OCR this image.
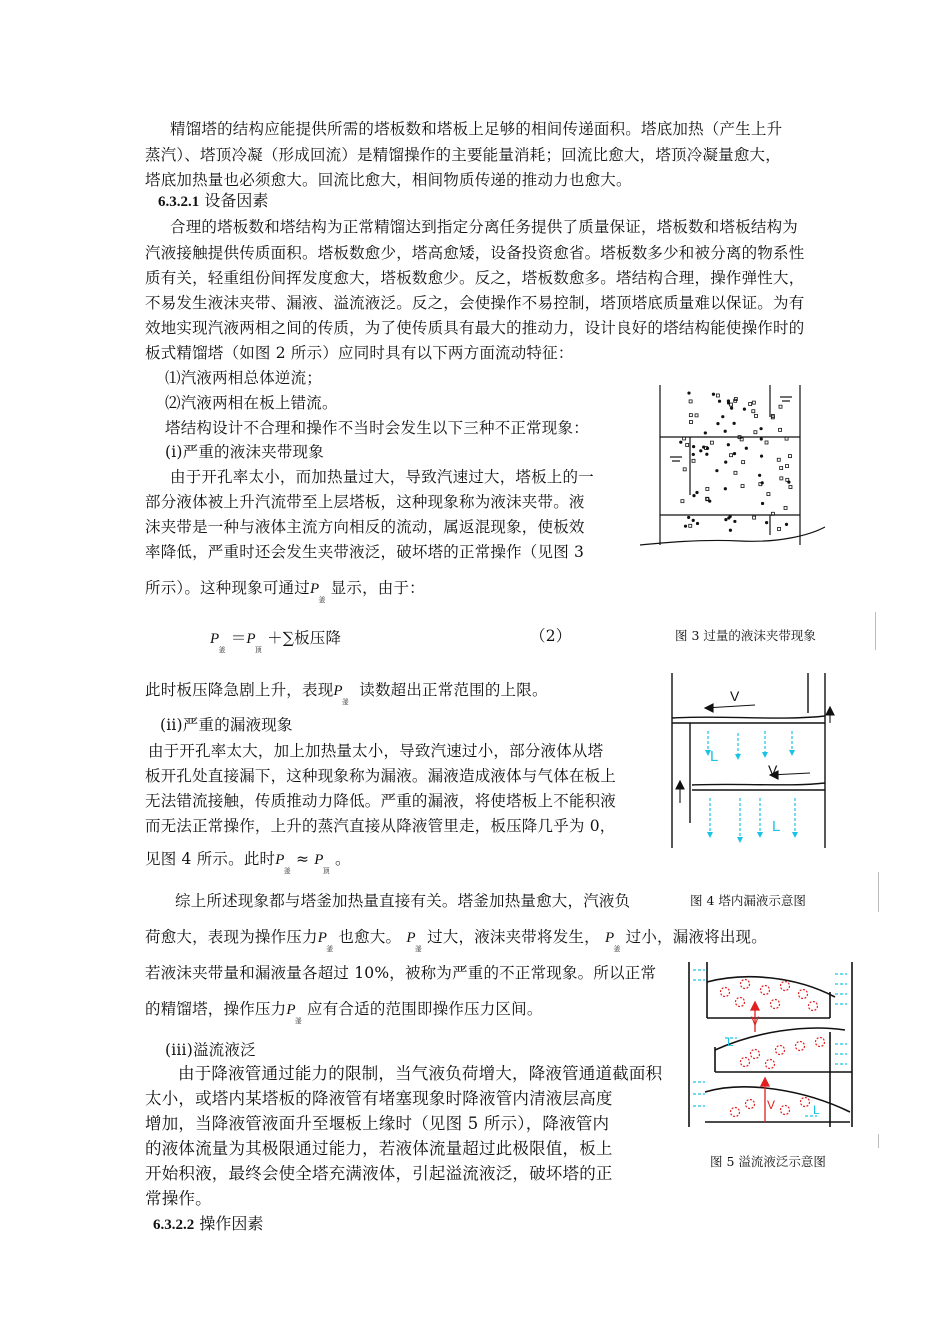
精馏塔的结构应能提供所需的塔板数和塔板上足够的相间传递面积。塔底加热（产生上升
蒸汽）、塔顶冷凝（形成回流）是精馏操作的主要能量消耗；回流比愈大，塔顶冷凝量愈大，
塔底加热量也必须愈大。回流比愈大，相间物质传递的推动力也愈大。
6.3.2.1 设备因素
合理的塔板数和塔结构为正常精馏达到指定分离任务提供了质量保证，塔板数和塔板结构为
汽液接触提供传质面积。塔板数愈少，塔高愈矮，设备投资愈省。塔板数多少和被分离的物系性
质有关，轻重组份间挥发度愈大，塔板数愈少。反之，塔板数愈多。塔结构合理，操作弹性大，
不易发生液沫夹带、漏液、溢流液泛。反之，会使操作不易控制，塔顶塔底质量难以保证。为有
效地实现汽液两相之间的传质，为了使传质具有最大的推动力，设计良好的塔结构能使操作时的
板式精馏塔（如图 2 所示）应同时具有以下两方面流动特征：
⑴汽液两相总体逆流；
⑵汽液两相在板上错流。
塔结构设计不合理和操作不当时会发生以下三种不正常现象：
(i)严重的液沫夹带现象
由于开孔率太小，而加热量过大，导致汽速过大，塔板上的一
部分液体被上升汽流带至上层塔板，这种现象称为液沫夹带。液
沫夹带是一种与液体主流方向相反的流动，属返混现象，使板效
率降低，严重时还会发生夹带液泛，破坏塔的正常操作（见图 3
所示）。这种现象可通过$P_釜$ 显示，由于：
$P_釜 =P_顶$ ＋∑板压降	（2）
此时板压降急剧上升，表现$P_釜$  读数超出正常范围的上限。
(ii)严重的漏液现象
由于开孔率太大，加上加热量太小，导致汽速过小，部分液体从塔
板开孔处直接漏下，这种现象称为漏液。漏液造成液体与气体在板上
无法错流接触，传质推动力降低。严重的漏液，将使塔板上不能积液
而无法正常操作，上升的蒸汽直接从降液管里走，板压降几乎为 0，
见图 4 所示。此时$P_釜 \approx P_顶$ 。
综上所述现象都与塔釜加热量直接有关。塔釜加热量愈大，汽液负
荷愈大，表现为操作压力$P_釜$ 也愈大。 $P_釜$ 过大，液沫夹带将发生， $P_釜$ 过小，漏液将出现。
若液沫夹带量和漏液量各超过 10%，被称为严重的不正常现象。所以正常
的精馏塔，操作压力$P_釜$ 应有合适的范围即操作压力区间。
(iii)溢流液泛
由于降液管通过能力的限制，当气液负荷增大，降液管通道截面积
太小，或塔内某塔板的降液管有堵塞现象时降液管内清液层高度
增加，当降液管液面升至堰板上缘时（见图 5 所示），降液管内
的液体流量为其极限通过能力，若液体流量超过此极限值，板上
开始积液，最终会使全塔充满液体，引起溢流液泛，破坏塔的正
常操作。
6.3.2.2 操作因素
图 3 过量的液沫夹带现象
V
V
L
L
图 4 塔内漏液示意图
V
V
L
L
图 5 溢流液泛示意图
